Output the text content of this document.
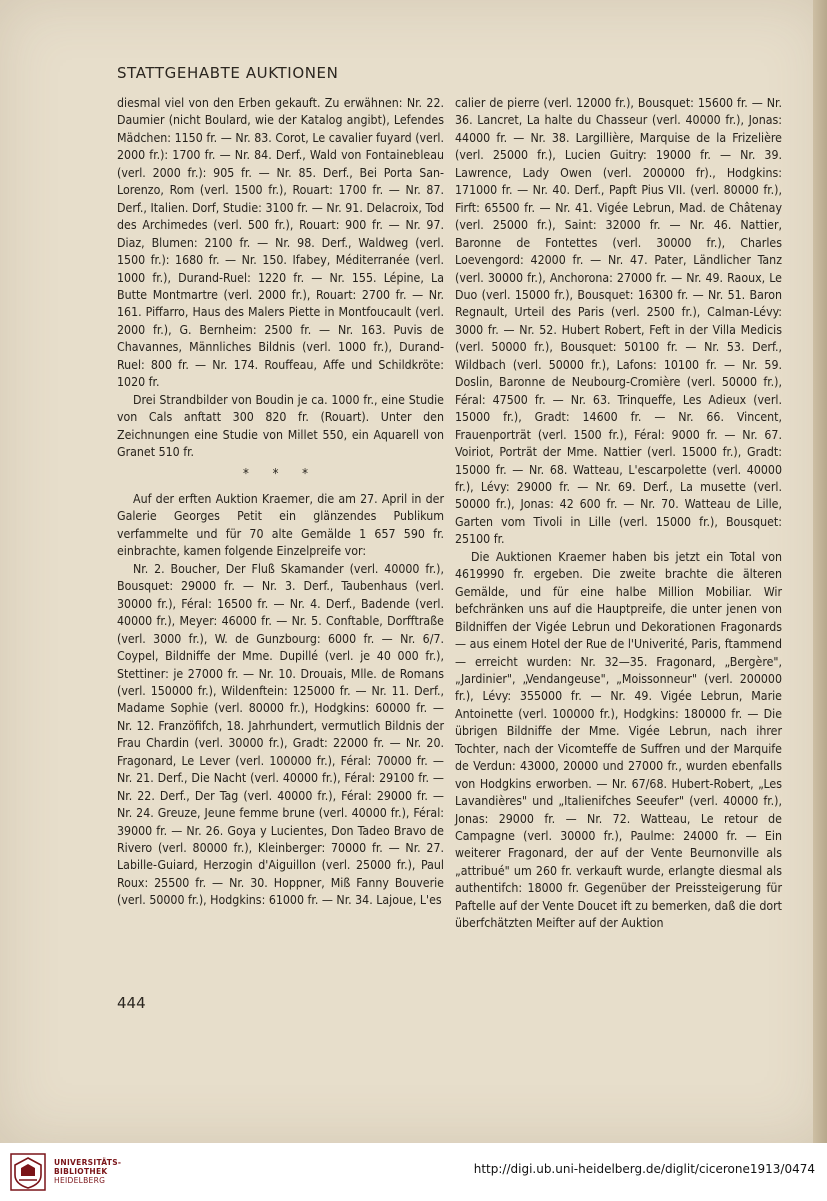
STATTGEHABTE AUKTIONEN

diesmal viel von den Erben gekauft. Zu erwähnen: Nr. 22. Daumier (nicht Boulard, wie der Katalog angibt), Lefendes Mädchen: 1150 fr. — Nr. 83. Corot, Le cavalier fuyard (verl. 2000 fr.): 1700 fr. — Nr. 84. Derf., Wald von Fontainebleau (verl. 2000 fr.): 905 fr. — Nr. 85. Derf., Bei Porta San-Lorenzo, Rom (verl. 1500 fr.), Rouart: 1700 fr. — Nr. 87. Derf., Italien. Dorf, Studie: 3100 fr. — Nr. 91. Delacroix, Tod des Archimedes (verl. 500 fr.), Rouart: 900 fr. — Nr. 97. Diaz, Blumen: 2100 fr. — Nr. 98. Derf., Waldweg (verl. 1500 fr.): 1680 fr. — Nr. 150. Ifabey, Méditerranée (verl. 1000 fr.), Durand-Ruel: 1220 fr. — Nr. 155. Lépine, La Butte Montmartre (verl. 2000 fr.), Rouart: 2700 fr. — Nr. 161. Piffarro, Haus des Malers Piette in Montfoucault (verl. 2000 fr.), G. Bernheim: 2500 fr. — Nr. 163. Puvis de Chavannes, Männliches Bildnis (verl. 1000 fr.), Durand-Ruel: 800 fr. — Nr. 174. Rouffeau, Affe und Schildkröte: 1020 fr.

Drei Strandbilder von Boudin je ca. 1000 fr., eine Studie von Cals anftatt 300 820 fr. (Rouart). Unter den Zeichnungen eine Studie von Millet 550, ein Aquarell von Granet 510 fr.

* * *

Auf der erften Auktion Kraemer, die am 27. April in der Galerie Georges Petit ein glänzendes Publikum verfammelte und für 70 alte Gemälde 1 657 590 fr. einbrachte, kamen folgende Einzelpreife vor:

Nr. 2. Boucher, Der Fluß Skamander (verl. 40000 fr.), Bousquet: 29000 fr. — Nr. 3. Derf., Taubenhaus (verl. 30000 fr.), Féral: 16500 fr. — Nr. 4. Derf., Badende (verl. 40000 fr.), Meyer: 46000 fr. — Nr. 5. Conftable, Dorfftraße (verl. 3000 fr.), W. de Gunzbourg: 6000 fr. — Nr. 6/7. Coypel, Bildniffe der Mme. Dupillé (verl. je 40 000 fr.), Stettiner: je 27000 fr. — Nr. 10. Drouais, Mlle. de Romans (verl. 150000 fr.), Wildenftein: 125000 fr. — Nr. 11. Derf., Madame Sophie (verl. 80000 fr.), Hodgkins: 60000 fr. — Nr. 12. Franzöfifch, 18. Jahrhundert, vermutlich Bildnis der Frau Chardin (verl. 30000 fr.), Gradt: 22000 fr. — Nr. 20. Fragonard, Le Lever (verl. 100000 fr.), Féral: 70000 fr. — Nr. 21. Derf., Die Nacht (verl. 40000 fr.), Féral: 29100 fr. — Nr. 22. Derf., Der Tag (verl. 40000 fr.), Féral: 29000 fr. — Nr. 24. Greuze, Jeune femme brune (verl. 40000 fr.), Féral: 39000 fr. — Nr. 26. Goya y Lucientes, Don Tadeo Bravo de Rivero (verl. 80000 fr.), Kleinberger: 70000 fr. — Nr. 27. Labille-Guiard, Herzogin d'Aiguillon (verl. 25000 fr.), Paul Roux: 25500 fr. — Nr. 30. Hoppner, Miß Fanny Bouverie (verl. 50000 fr.), Hodgkins: 61000 fr. — Nr. 34. Lajoue, L'es

calier de pierre (verl. 12000 fr.), Bousquet: 15600 fr. — Nr. 36. Lancret, La halte du Chasseur (verl. 40000 fr.), Jonas: 44000 fr. — Nr. 38. Largillière, Marquise de la Frizelière (verl. 25000 fr.), Lucien Guitry: 19000 fr. — Nr. 39. Lawrence, Lady Owen (verl. 200000 fr)., Hodgkins: 171000 fr. — Nr. 40. Derf., Papft Pius VII. (verl. 80000 fr.), Firft: 65500 fr. — Nr. 41. Vigée Lebrun, Mad. de Châtenay (verl. 25000 fr.), Saint: 32000 fr. — Nr. 46. Nattier, Baronne de Fontettes (verl. 30000 fr.), Charles Loevengord: 42000 fr. — Nr. 47. Pater, Ländlicher Tanz (verl. 30000 fr.), Anchorona: 27000 fr. — Nr. 49. Raoux, Le Duo (verl. 15000 fr.), Bousquet: 16300 fr. — Nr. 51. Baron Regnault, Urteil des Paris (verl. 2500 fr.), Calman-Lévy: 3000 fr. — Nr. 52. Hubert Robert, Feft in der Villa Medicis (verl. 50000 fr.), Bousquet: 50100 fr. — Nr. 53. Derf., Wildbach (verl. 50000 fr.), Lafons: 10100 fr. — Nr. 59. Doslin, Baronne de Neubourg-Cromière (verl. 50000 fr.), Féral: 47500 fr. — Nr. 63. Trinqueffe, Les Adieux (verl. 15000 fr.), Gradt: 14600 fr. — Nr. 66. Vincent, Frauenporträt (verl. 1500 fr.), Féral: 9000 fr. — Nr. 67. Voiriot, Porträt der Mme. Nattier (verl. 15000 fr.), Gradt: 15000 fr. — Nr. 68. Watteau, L'escarpolette (verl. 40000 fr.), Lévy: 29000 fr. — Nr. 69. Derf., La musette (verl. 50000 fr.), Jonas: 42 600 fr. — Nr. 70. Watteau de Lille, Garten vom Tivoli in Lille (verl. 15000 fr.), Bousquet: 25100 fr.

Die Auktionen Kraemer haben bis jetzt ein Total von 4619990 fr. ergeben. Die zweite brachte die älteren Gemälde, und für eine halbe Million Mobiliar. Wir befchränken uns auf die Hauptpreife, die unter jenen von Bildniffen der Vigée Lebrun und Dekorationen Fragonards — aus einem Hotel der Rue de l'Univerité, Paris, ftammend — erreicht wurden: Nr. 32—35. Fragonard, „Bergère", „Jardinier", „Vendangeuse", „Moissonneur" (verl. 200000 fr.), Lévy: 355000 fr. — Nr. 49. Vigée Lebrun, Marie Antoinette (verl. 100000 fr.), Hodgkins: 180000 fr. — Die übrigen Bildniffe der Mme. Vigée Lebrun, nach ihrer Tochter, nach der Vicomteffe de Suffren und der Marquife de Verdun: 43000, 20000 und 27000 fr., wurden ebenfalls von Hodgkins erworben. — Nr. 67/68. Hubert-Robert, „Les Lavandières" und „Italienifches Seeufer" (verl. 40000 fr.), Jonas: 29000 fr. — Nr. 72. Watteau, Le retour de Campagne (verl. 30000 fr.), Paulme: 24000 fr. — Ein weiterer Fragonard, der auf der Vente Beurnonville als „attribué" um 260 fr. verkauft wurde, erlangte diesmal als authentifch: 18000 fr. Gegenüber der Preissteigerung für Paftelle auf der Vente Doucet ift zu bemerken, daß die dort überfchätzten Meifter auf der Auktion

444
UNIVERSITÄTS-
BIBLIOTHEK
HEIDELBERG
http://digi.ub.uni-heidelberg.de/diglit/cicerone1913/0474
